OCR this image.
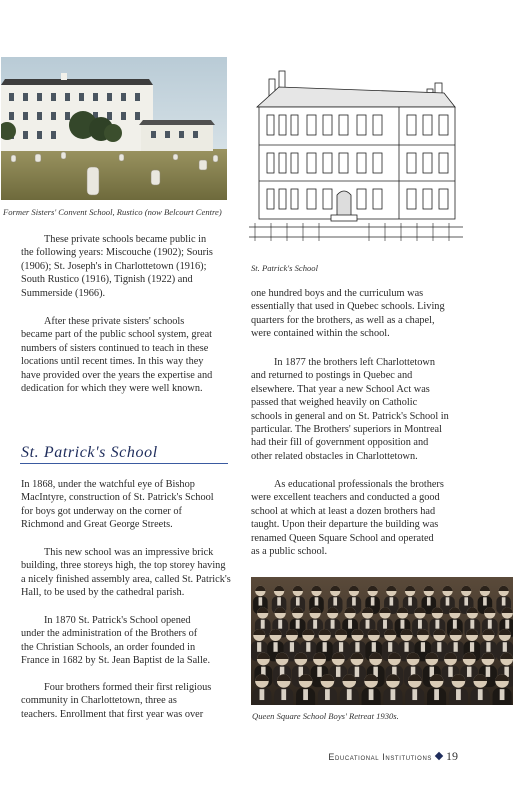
Former Sisters' Convent School, Rustico (now Belcourt Centre)
St. Patrick's School
These private schools became public in
the following years: Miscouche (1902); Souris
(1906); St. Joseph's in Charlottetown (1916);
South Rustico (1916), Tignish (1922) and
Summerside (1966).
After these private sisters' schools
became part of the public school system, great
numbers of sisters continued to teach in these
locations until recent times. In this way they
have provided over the years the expertise and
dedication for which they were well known.
St. Patrick's School
In 1868, under the watchful eye of Bishop
MacIntyre, construction of St. Patrick's School
for boys got underway on the corner of
Richmond and Great George Streets.
This new school was an impressive brick
building, three storeys high, the top storey having
a nicely finished assembly area, called St. Patrick's
Hall, to be used by the cathedral parish.
In 1870 St. Patrick's School opened
under the administration of the Brothers of
the Christian Schools, an order founded in
France in 1682 by St. Jean Baptist de la Salle.
Four brothers formed their first religious
community in Charlottetown, three as
teachers. Enrollment that first year was over
one hundred boys and the curriculum was
essentially that used in Quebec schools. Living
quarters for the brothers, as well as a chapel,
were contained within the school.
In 1877 the brothers left Charlottetown
and returned to postings in Quebec and
elsewhere. That year a new School Act was
passed that weighed heavily on Catholic
schools in general and on St. Patrick's School in
particular. The Brothers' superiors in Montreal
had their fill of government opposition and
other related obstacles in Charlottetown.
As educational professionals the brothers
were excellent teachers and conducted a good
school at which at least a dozen brothers had
taught. Upon their departure the building was
renamed Queen Square School and operated
as a public school.
Queen Square School Boys' Retreat 1930s.
Educational Institutions 19
